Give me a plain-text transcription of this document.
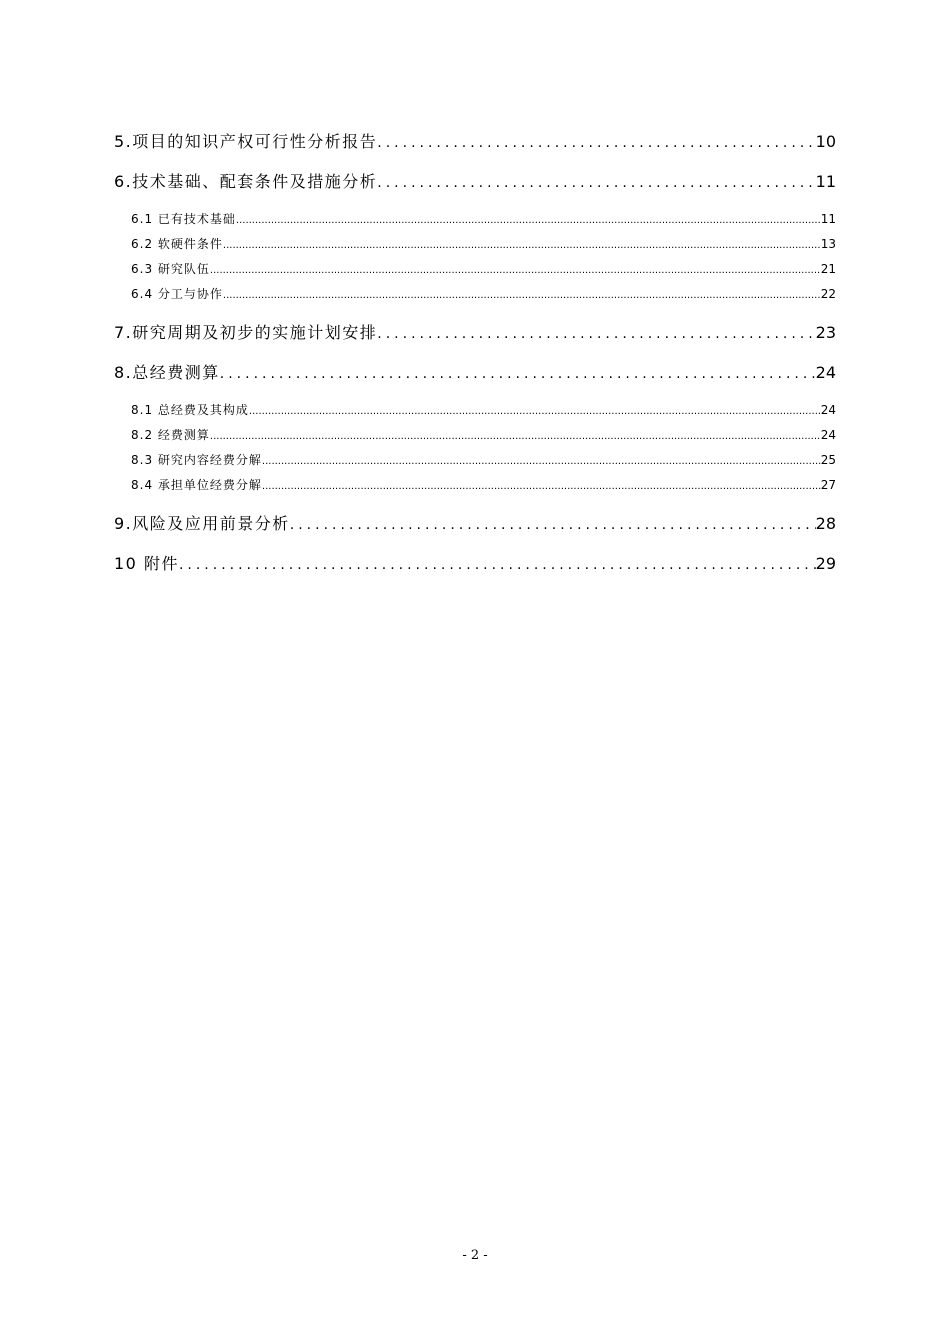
5.项目的知识产权可行性分析报告 .....	10
6.技术基础、配套条件及措施分析 .....	11
6.1 已有技术基础 .....	11
6.2 软硬件条件 .....	13
6.3 研究队伍 .....	21
6.4 分工与协作 .....	22
7.研究周期及初步的实施计划安排 .....	23
8.总经费测算 .....	24
8.1 总经费及其构成 .....	24
8.2 经费测算 .....	24
8.3 研究内容经费分解 .....	25
8.4 承担单位经费分解 .....	27
9.风险及应用前景分析 .....	28
10 附件 .....	29
- 2 -
